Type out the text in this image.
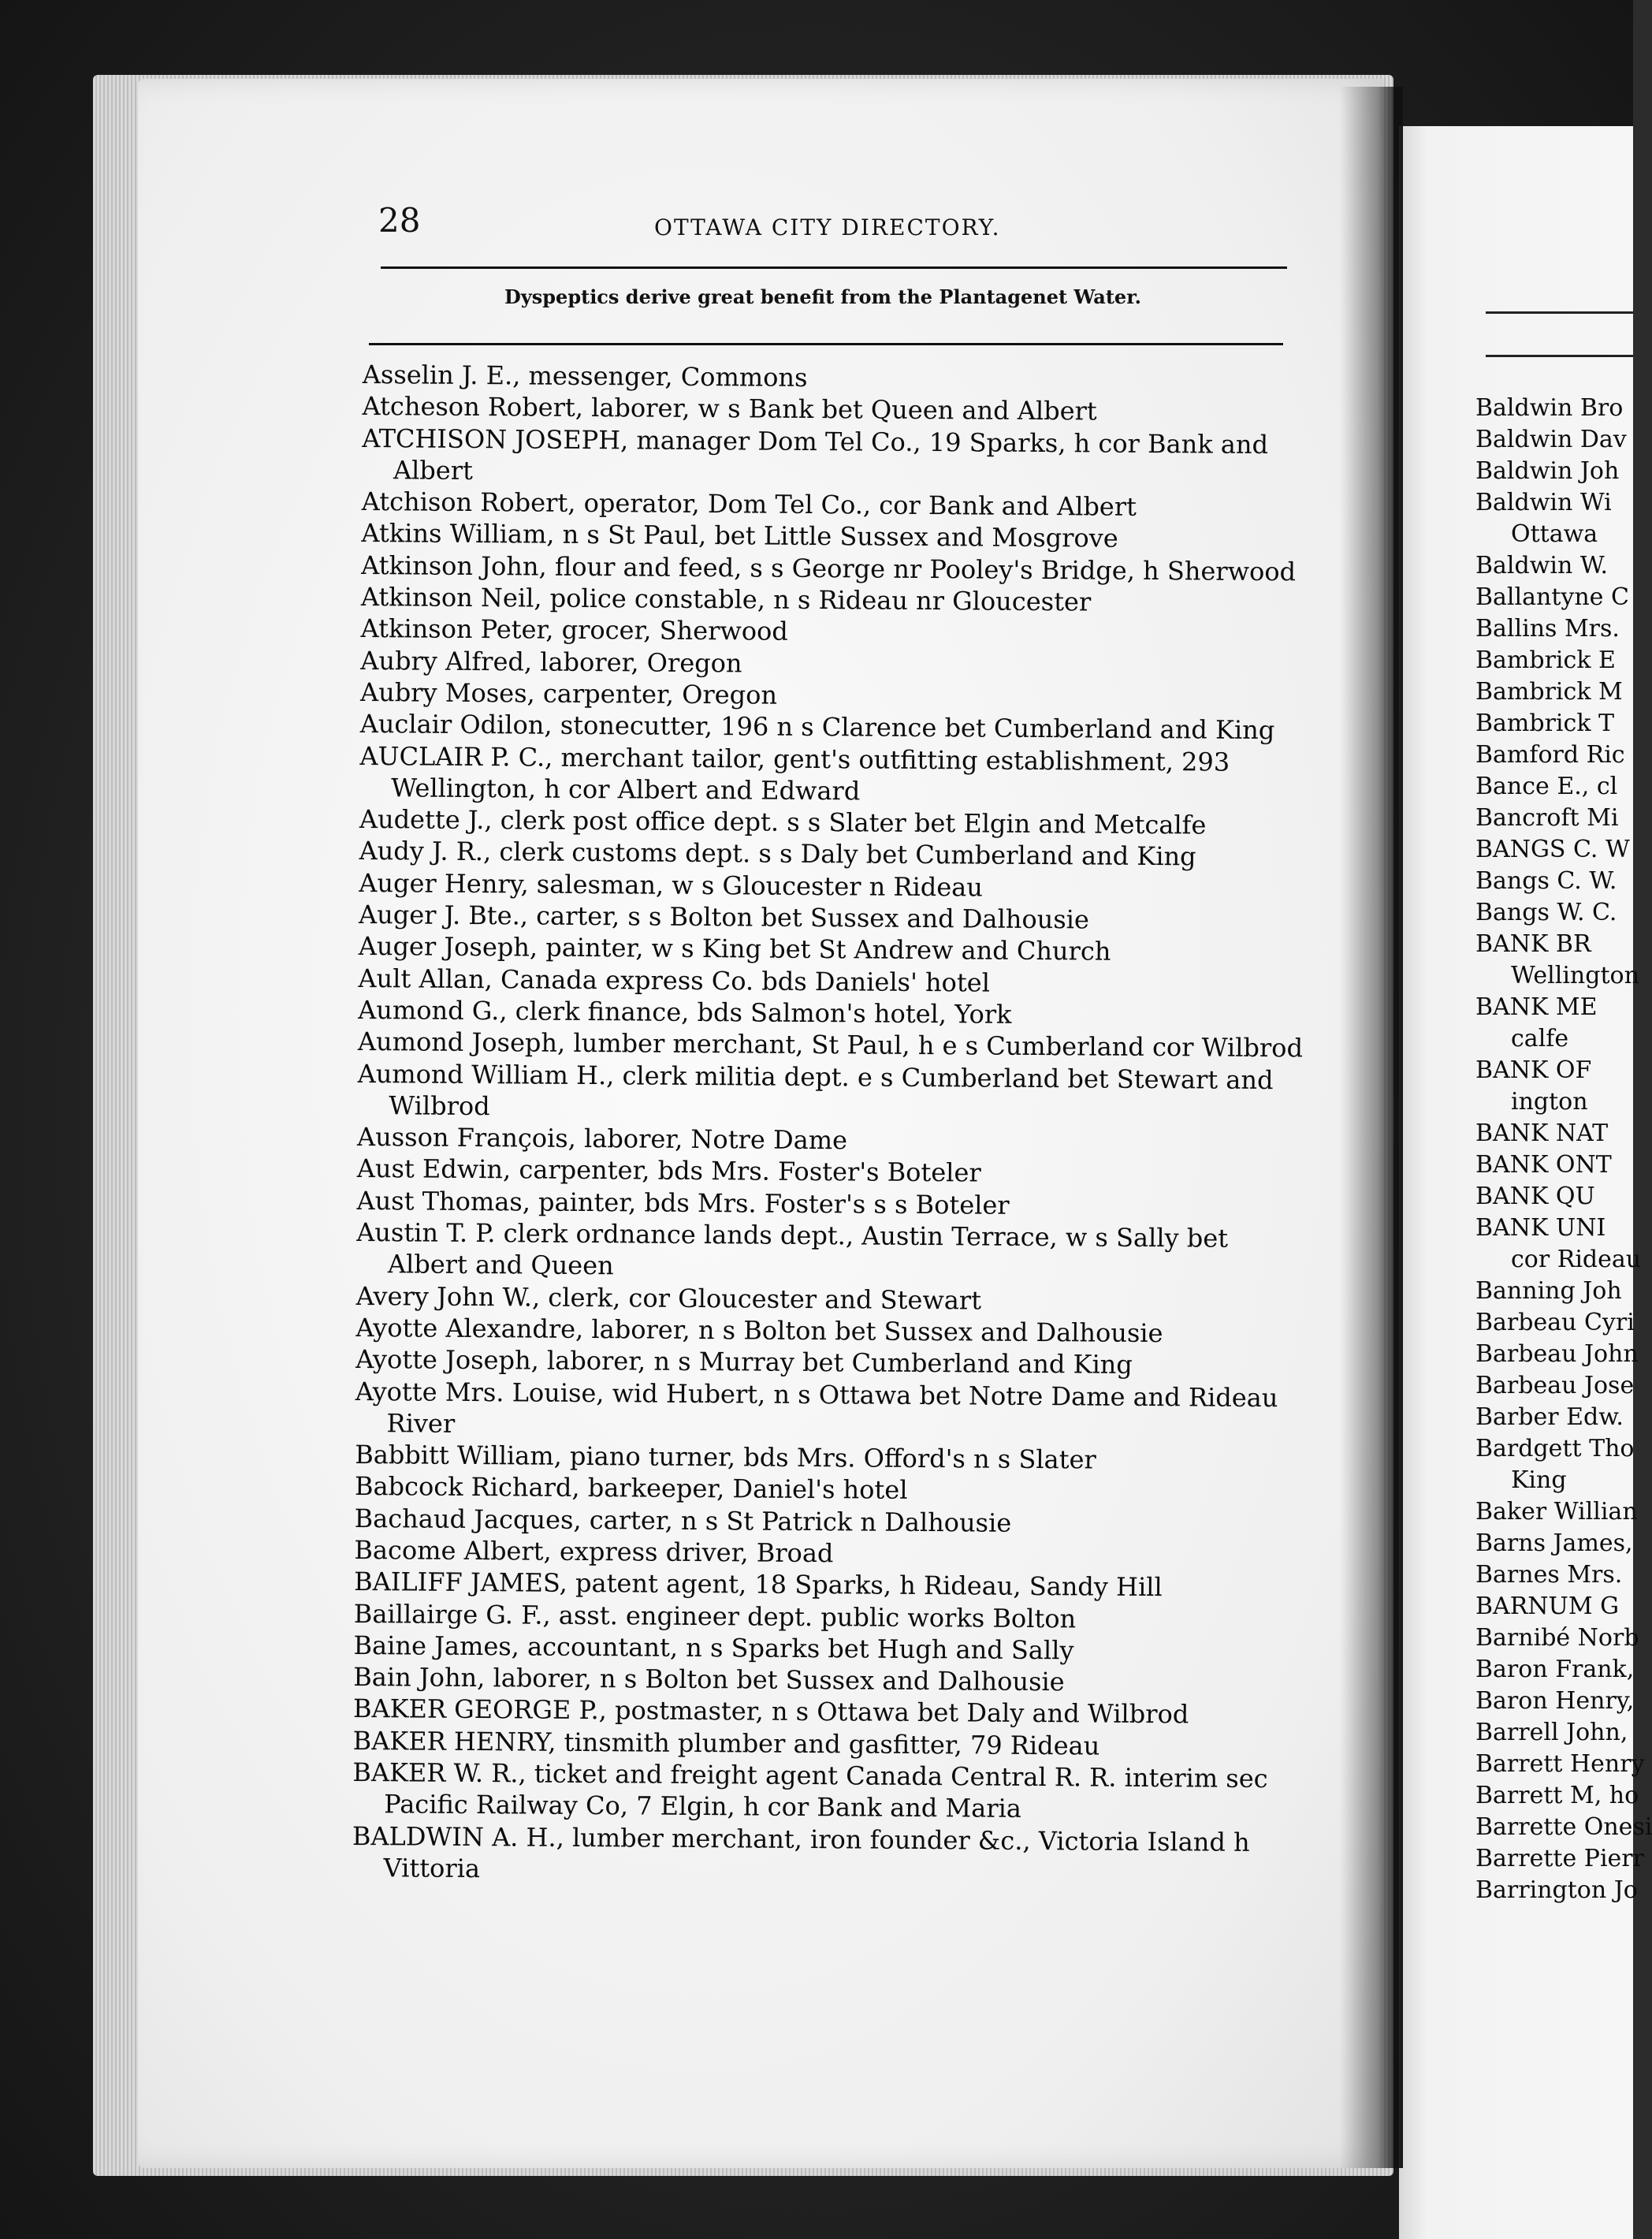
28	OTTAWA CITY DIRECTORY.
Dyspeptics derive great benefit from the Plantagenet Water.
Asselin J. E., messenger, Commons
Atcheson Robert, laborer, w s Bank bet Queen and Albert
ATCHISON JOSEPH, manager Dom Tel Co., 19 Sparks, h cor Bank and Albert
Atchison Robert, operator, Dom Tel Co., cor Bank and Albert
Atkins William, n s St Paul, bet Little Sussex and Mosgrove
Atkinson John, flour and feed, s s George nr Pooley's Bridge, h Sherwood
Atkinson Neil, police constable, n s Rideau nr Gloucester
Atkinson Peter, grocer, Sherwood
Aubry Alfred, laborer, Oregon
Aubry Moses, carpenter, Oregon
Auclair Odilon, stonecutter, 196 n s Clarence bet Cumberland and King
AUCLAIR P. C., merchant tailor, gent's outfitting establishment, 293 Wellington, h cor Albert and Edward
Audette J., clerk post office dept. s s Slater bet Elgin and Metcalfe
Audy J. R., clerk customs dept. s s Daly bet Cumberland and King
Auger Henry, salesman, w s Gloucester n Rideau
Auger J. Bte., carter, s s Bolton bet Sussex and Dalhousie
Auger Joseph, painter, w s King bet St Andrew and Church
Ault Allan, Canada express Co. bds Daniels' hotel
Aumond G., clerk finance, bds Salmon's hotel, York
Aumond Joseph, lumber merchant, St Paul, h e s Cumberland cor Wilbrod
Aumond William H., clerk militia dept. e s Cumberland bet Stewart and Wilbrod
Ausson François, laborer, Notre Dame
Aust Edwin, carpenter, bds Mrs. Foster's Boteler
Aust Thomas, painter, bds Mrs. Foster's s s Boteler
Austin T. P. clerk ordnance lands dept., Austin Terrace, w s Sally bet Albert and Queen
Avery John W., clerk, cor Gloucester and Stewart
Ayotte Alexandre, laborer, n s Bolton bet Sussex and Dalhousie
Ayotte Joseph, laborer, n s Murray bet Cumberland and King
Ayotte Mrs. Louise, wid Hubert, n s Ottawa bet Notre Dame and Rideau River
Babbitt William, piano turner, bds Mrs. Offord's n s Slater
Babcock Richard, barkeeper, Daniel's hotel
Bachaud Jacques, carter, n s St Patrick n Dalhousie
Bacome Albert, express driver, Broad
BAILIFF JAMES, patent agent, 18 Sparks, h Rideau, Sandy Hill
Baillairge G. F., asst. engineer dept. public works Bolton
Baine James, accountant, n s Sparks bet Hugh and Sally
Bain John, laborer, n s Bolton bet Sussex and Dalhousie
BAKER GEORGE P., postmaster, n s Ottawa bet Daly and Wilbrod
BAKER HENRY, tinsmith plumber and gasfitter, 79 Rideau
BAKER W. R., ticket and freight agent Canada Central R. R. interim sec Pacific Railway Co, 7 Elgin, h cor Bank and Maria
BALDWIN A. H., lumber merchant, iron founder &c., Victoria Island h Vittoria
Baldwin Bro
Baldwin Dav
Baldwin Joh
Baldwin Wi
Ottawa
Baldwin W.
Ballantyne C
Ballins Mrs.
Bambrick E
Bambrick M
Bambrick T
Bamford Ric
Bance E., cl
Bancroft Mi
BANGS C. W
Bangs C. W.
Bangs W. C.
BANK BR
Wellington
BANK ME
calfe
BANK OF
ington
BANK NAT
BANK ONT
BANK QU
BANK UNI
cor Rideau
Banning Joh
Barbeau Cyri
Barbeau John
Barbeau Jose
Barber Edw.
Bardgett Tho
King
Baker Willian
Barns James,
Barnes Mrs.
BARNUM G
Barnibé Norb
Baron Frank,
Baron Henry,
Barrell John,
Barrett Henry
Barrett M, ho
Barrette Onesi
Barrette Pierr
Barrington Jo
